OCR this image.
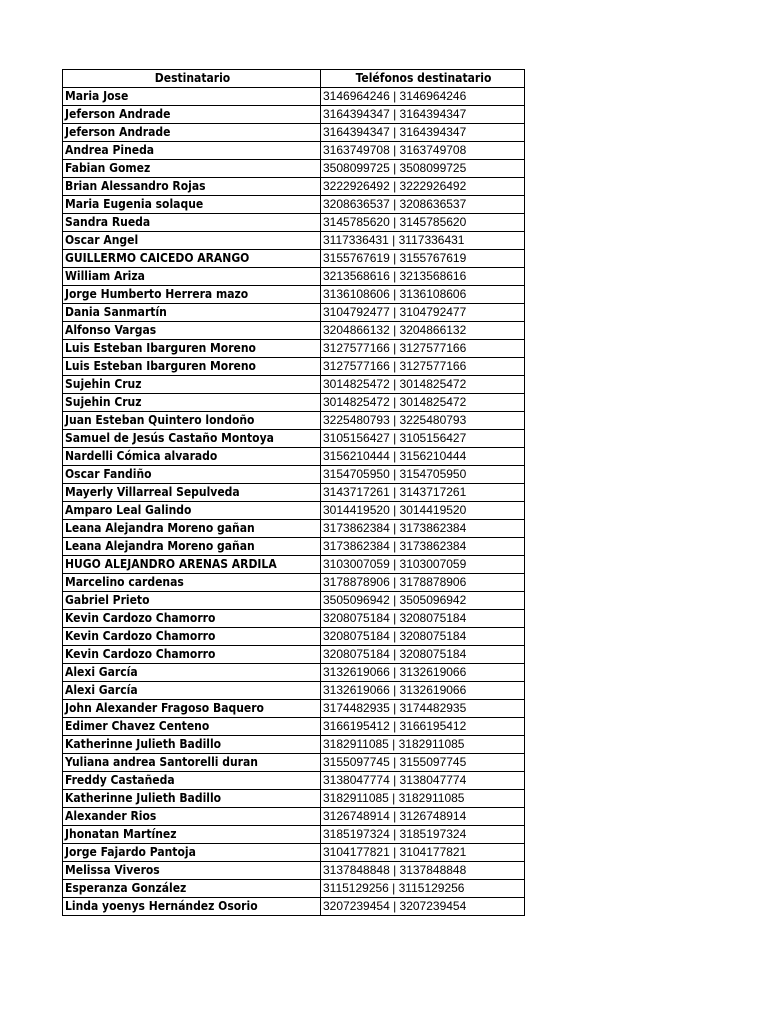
Destinatario	Teléfonos destinatario
Maria Jose	3146964246 | 3146964246
Jeferson Andrade	3164394347 | 3164394347
Jeferson Andrade	3164394347 | 3164394347
Andrea Pineda	3163749708 | 3163749708
Fabian Gomez	3508099725 | 3508099725
Brian Alessandro Rojas	3222926492 | 3222926492
Maria Eugenia solaque	3208636537 | 3208636537
Sandra Rueda	3145785620 | 3145785620
Oscar Angel	3117336431 | 3117336431
GUILLERMO CAICEDO ARANGO	3155767619 | 3155767619
William Ariza	3213568616 | 3213568616
Jorge Humberto Herrera mazo	3136108606 | 3136108606
Dania Sanmartín	3104792477 | 3104792477
Alfonso Vargas	3204866132 | 3204866132
Luis Esteban Ibarguren Moreno	3127577166 | 3127577166
Luis Esteban Ibarguren Moreno	3127577166 | 3127577166
Sujehin Cruz	3014825472 | 3014825472
Sujehin Cruz	3014825472 | 3014825472
Juan Esteban Quintero londoño	3225480793 | 3225480793
Samuel de Jesús Castaño Montoya	3105156427 | 3105156427
Nardelli Cómica alvarado	3156210444 | 3156210444
Oscar Fandiño	3154705950 | 3154705950
Mayerly Villarreal Sepulveda	3143717261 | 3143717261
Amparo Leal Galindo	3014419520 | 3014419520
Leana Alejandra Moreno gañan	3173862384 | 3173862384
Leana Alejandra Moreno gañan	3173862384 | 3173862384
HUGO ALEJANDRO ARENAS ARDILA	3103007059 | 3103007059
Marcelino cardenas	3178878906 | 3178878906
Gabriel Prieto	3505096942 | 3505096942
Kevin Cardozo Chamorro	3208075184 | 3208075184
Kevin Cardozo Chamorro	3208075184 | 3208075184
Kevin Cardozo Chamorro	3208075184 | 3208075184
Alexi García	3132619066 | 3132619066
Alexi García	3132619066 | 3132619066
John Alexander Fragoso Baquero	3174482935 | 3174482935
Edimer Chavez Centeno	3166195412 | 3166195412
Katherinne Julieth Badillo	3182911085 | 3182911085
Yuliana andrea Santorelli duran	3155097745 | 3155097745
Freddy Castañeda	3138047774 | 3138047774
Katherinne Julieth Badillo	3182911085 | 3182911085
Alexander Rios	3126748914 | 3126748914
Jhonatan Martínez	3185197324 | 3185197324
Jorge Fajardo Pantoja	3104177821 | 3104177821
Melissa Viveros	3137848848 | 3137848848
Esperanza González	3115129256 | 3115129256
Linda yoenys Hernández Osorio	3207239454 | 3207239454
